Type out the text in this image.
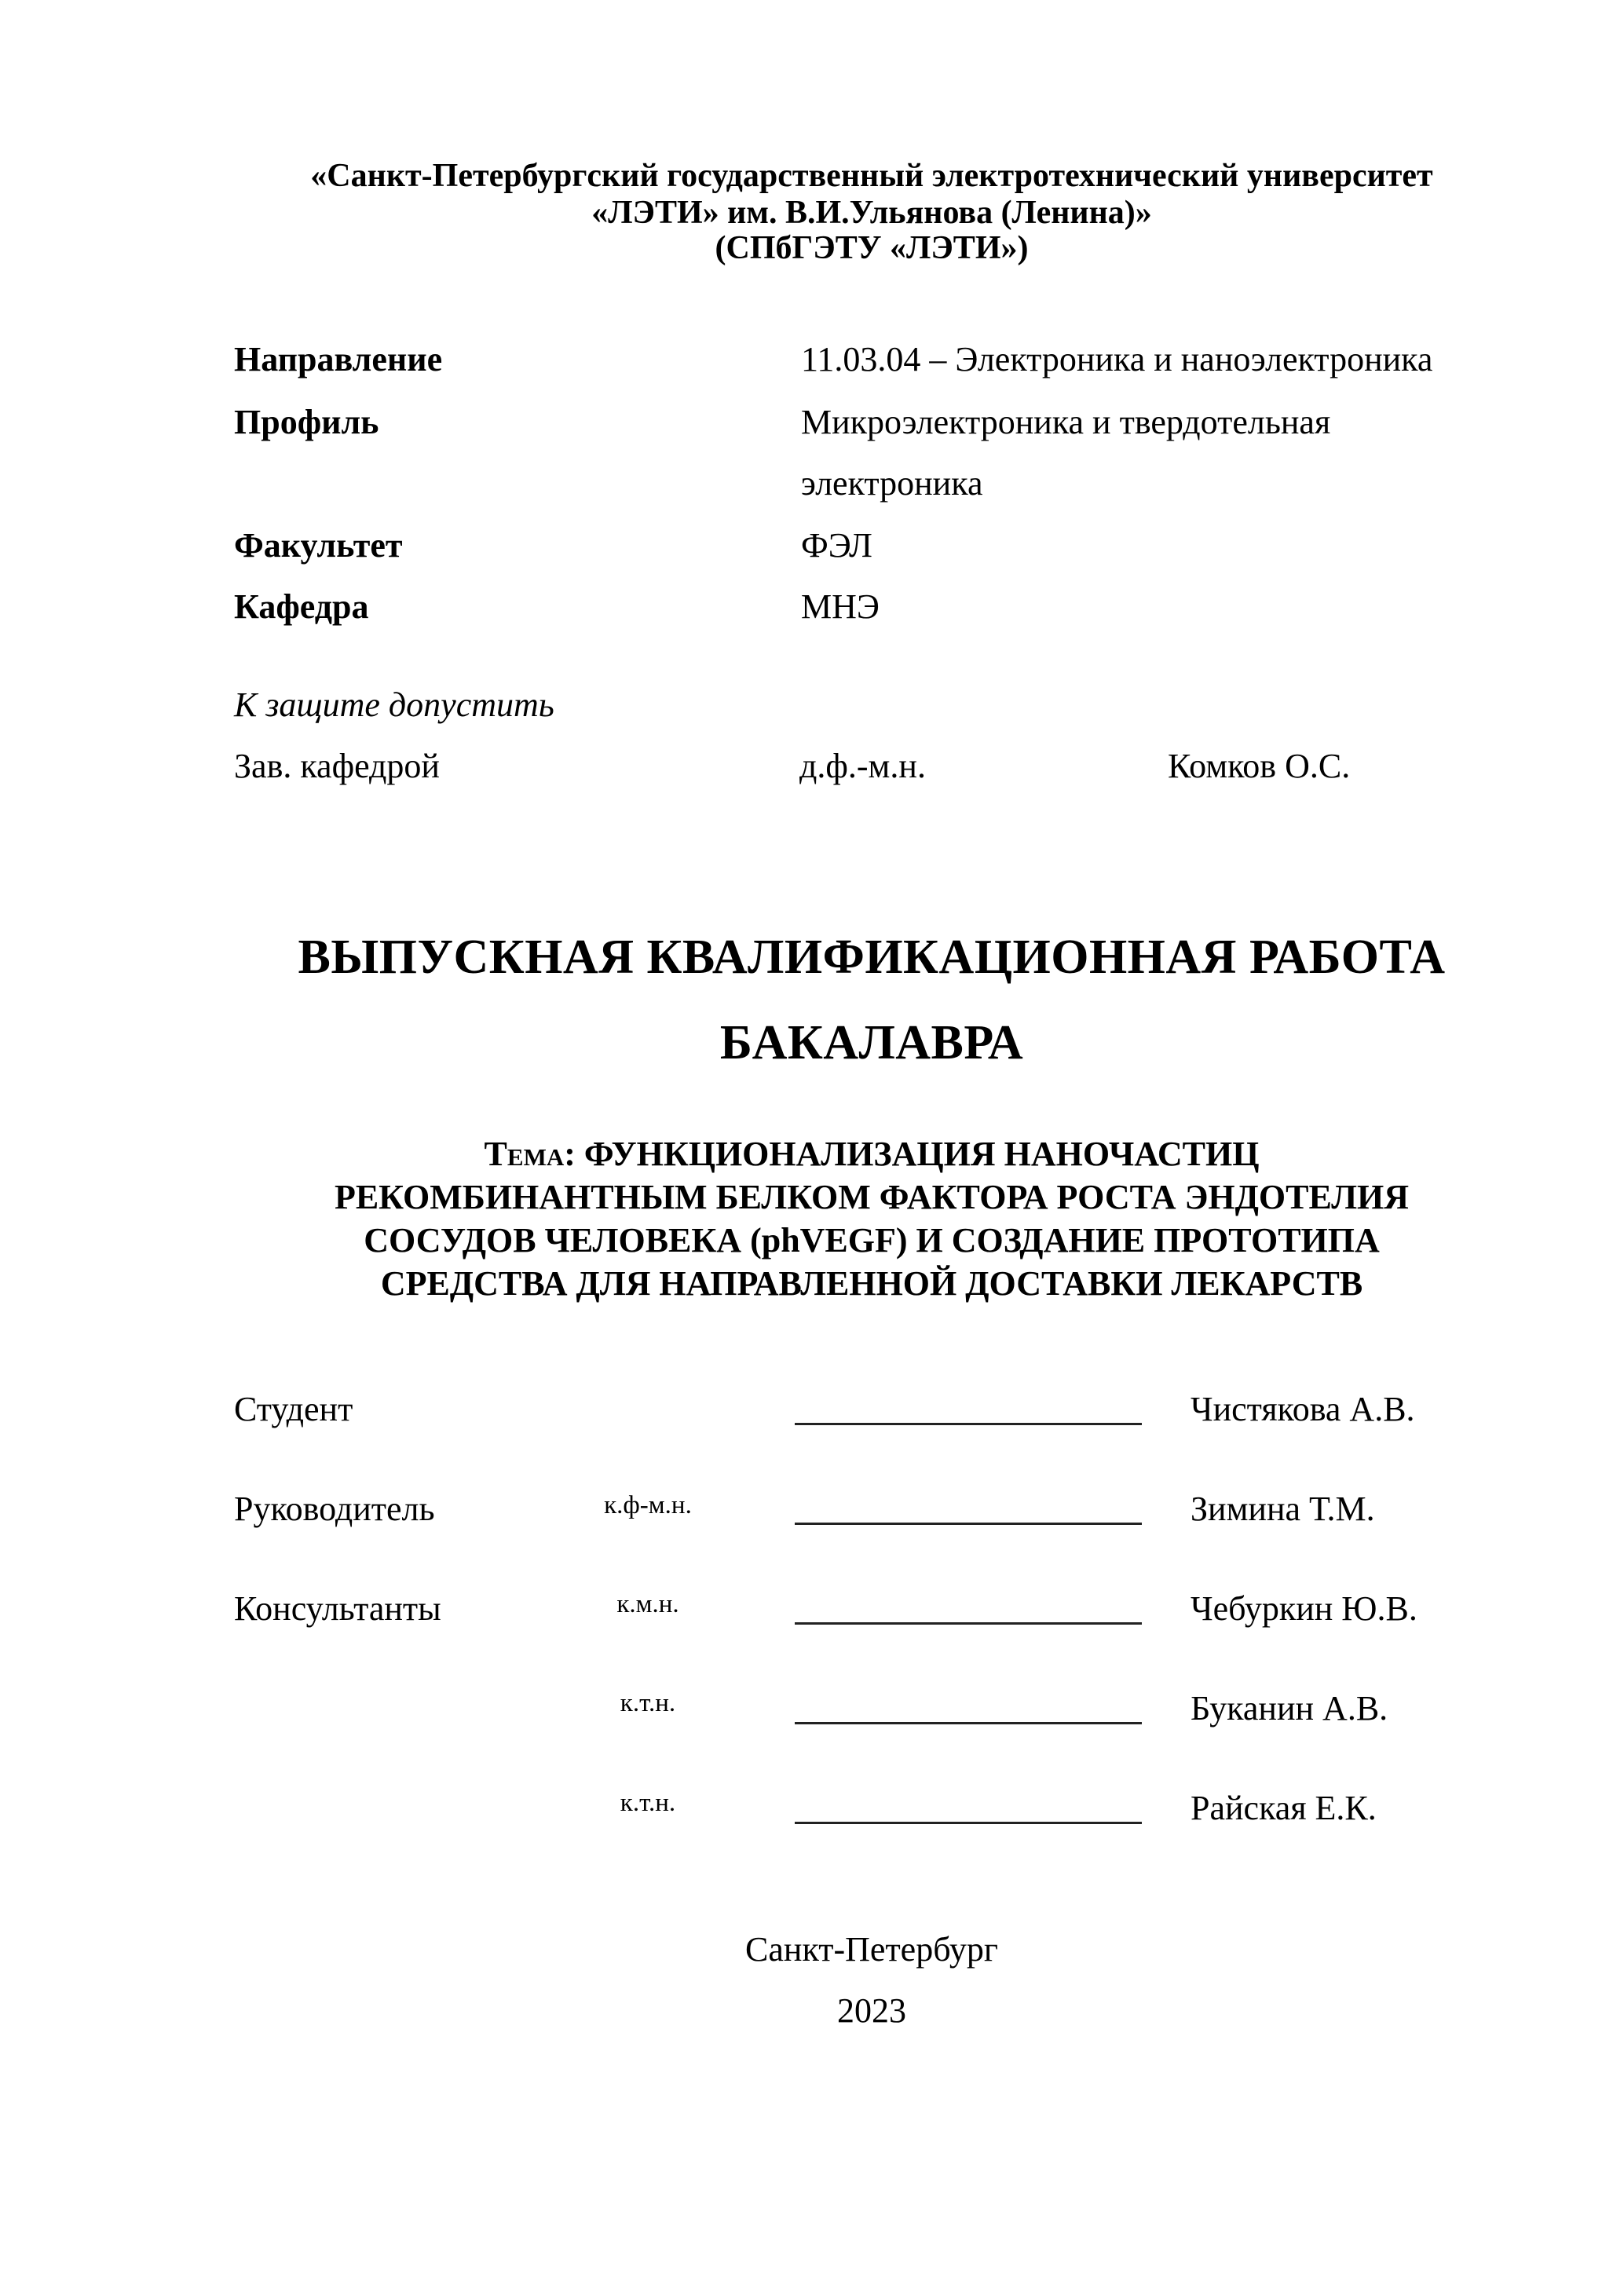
«Санкт-Петербургский государственный электротехнический университет
«ЛЭТИ» им. В.И.Ульянова (Ленина)»
(СПбГЭТУ «ЛЭТИ»)
Направление	11.03.04 – Электроника и наноэлектроника
Профиль	Микроэлектроника и твердотельная
электроника
Факультет	ФЭЛ
Кафедра	МНЭ
К защите допустить
Зав. кафедрой	д.ф.-м.н.	Комков О.С.
ВЫПУСКНАЯ КВАЛИФИКАЦИОННАЯ РАБОТА
БАКАЛАВРА
Тема: ФУНКЦИОНАЛИЗАЦИЯ НАНОЧАСТИЦ
РЕКОМБИНАНТНЫМ БЕЛКОМ ФАКТОРА РОСТА ЭНДОТЕЛИЯ
СОСУДОВ ЧЕЛОВЕКА (phVEGF) И СОЗДАНИЕ ПРОТОТИПА
СРЕДСТВА ДЛЯ НАПРАВЛЕННОЙ ДОСТАВКИ ЛЕКАРСТВ
Студент	Чистякова А.В.
Руководитель	к.ф-м.н.	Зимина Т.М.
Консультанты	к.м.н.	Чебуркин Ю.В.
к.т.н.	Буканин А.В.
к.т.н.	Райская Е.К.
Санкт-Петербург
2023
